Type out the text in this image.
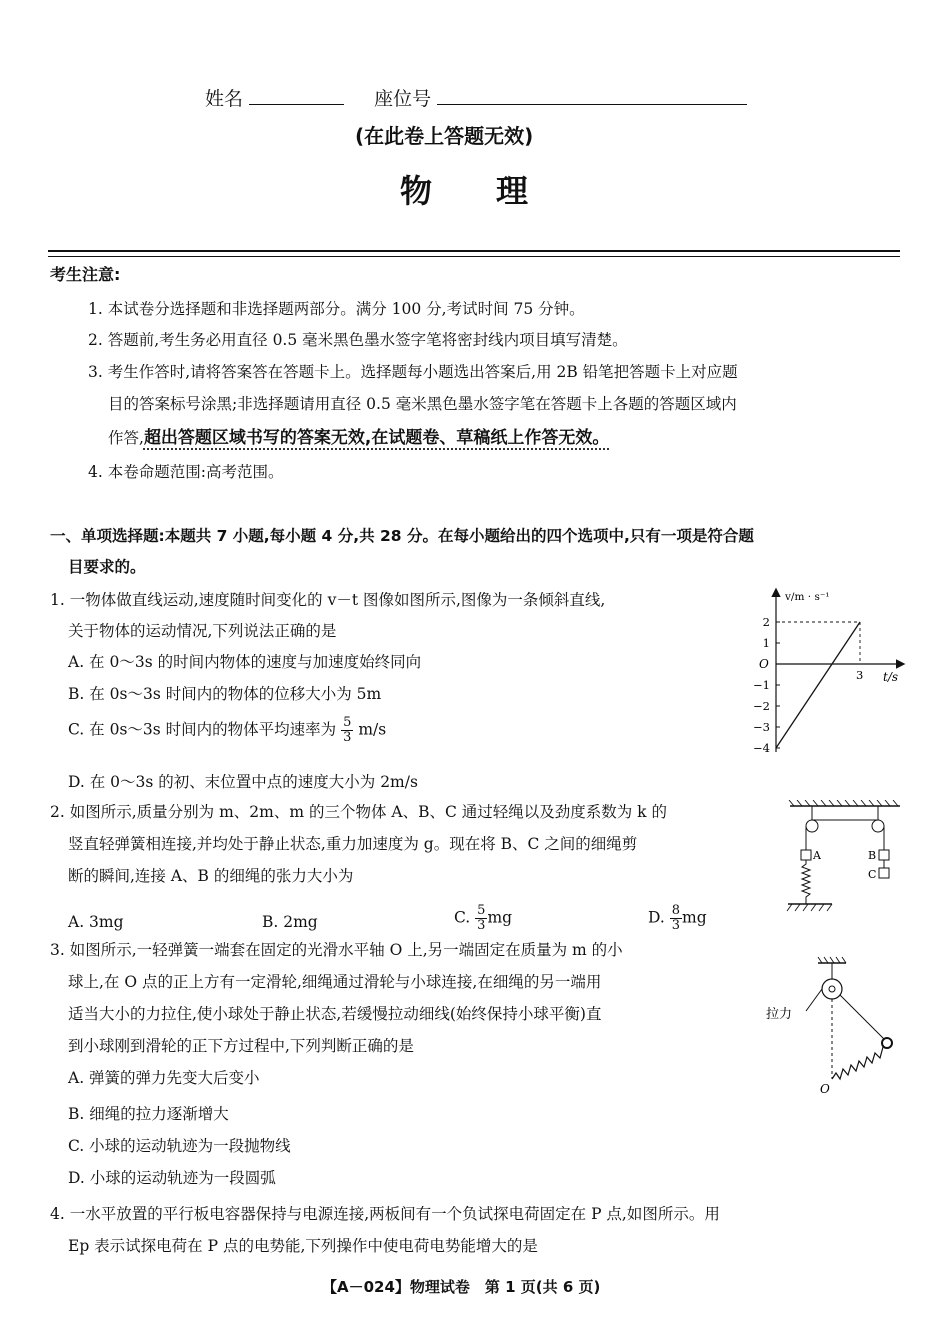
姓名	座位号
(在此卷上答题无效)
物　　理
考生注意:
1. 本试卷分选择题和非选择题两部分。满分 100 分,考试时间 75 分钟。
2. 答题前,考生务必用直径 0.5 毫米黑色墨水签字笔将密封线内项目填写清楚。
3. 考生作答时,请将答案答在答题卡上。选择题每小题选出答案后,用 2B 铅笔把答题卡上对应题
目的答案标号涂黑;非选择题请用直径 0.5 毫米黑色墨水签字笔在答题卡上各题的答题区域内
作答,超出答题区域书写的答案无效,在试题卷、草稿纸上作答无效。
4. 本卷命题范围:高考范围。
一、单项选择题:本题共 7 小题,每小题 4 分,共 28 分。在每小题给出的四个选项中,只有一项是符合题
目要求的。
1. 一物体做直线运动,速度随时间变化的 v－t 图像如图所示,图像为一条倾斜直线,
关于物体的运动情况,下列说法正确的是
A. 在 0～3s 的时间内物体的速度与加速度始终同向
B. 在 0s～3s 时间内的物体的位移大小为 5m
C. 在 0s～3s 时间内的物体平均速率为 $\frac{5}{3} m/s$
D. 在 0～3s 的初、末位置中点的速度大小为 2m/s
v/m · s⁻¹
t/s
O
2
1
−1
−2
−3
−4
3
2. 如图所示,质量分别为 m、2m、m 的三个物体 A、B、C 通过轻绳以及劲度系数为 k 的
竖直轻弹簧相连接,并均处于静止状态,重力加速度为 g。现在将 B、C 之间的细绳剪
断的瞬间,连接 A、B 的细绳的张力大小为
A. 3mg	B. 2mg	C. $\frac{5}{3}$ mg	D. $\frac{8}{3}$ mg
A	B
C
3. 如图所示,一轻弹簧一端套在固定的光滑水平轴 O 上,另一端固定在质量为 m 的小
球上,在 O 点的正上方有一定滑轮,细绳通过滑轮与小球连接,在细绳的另一端用
适当大小的力拉住,使小球处于静止状态,若缓慢拉动细线(始终保持小球平衡)直
到小球刚到滑轮的正下方过程中,下列判断正确的是
A. 弹簧的弹力先变大后变小
B. 细绳的拉力逐渐增大
C. 小球的运动轨迹为一段抛物线
D. 小球的运动轨迹为一段圆弧
拉力
O
4. 一水平放置的平行板电容器保持与电源连接,两板间有一个负试探电荷固定在 P 点,如图所示。用
Ep 表示试探电荷在 P 点的电势能,下列操作中使电荷电势能增大的是
【A－024】物理试卷　第 1 页(共 6 页)
